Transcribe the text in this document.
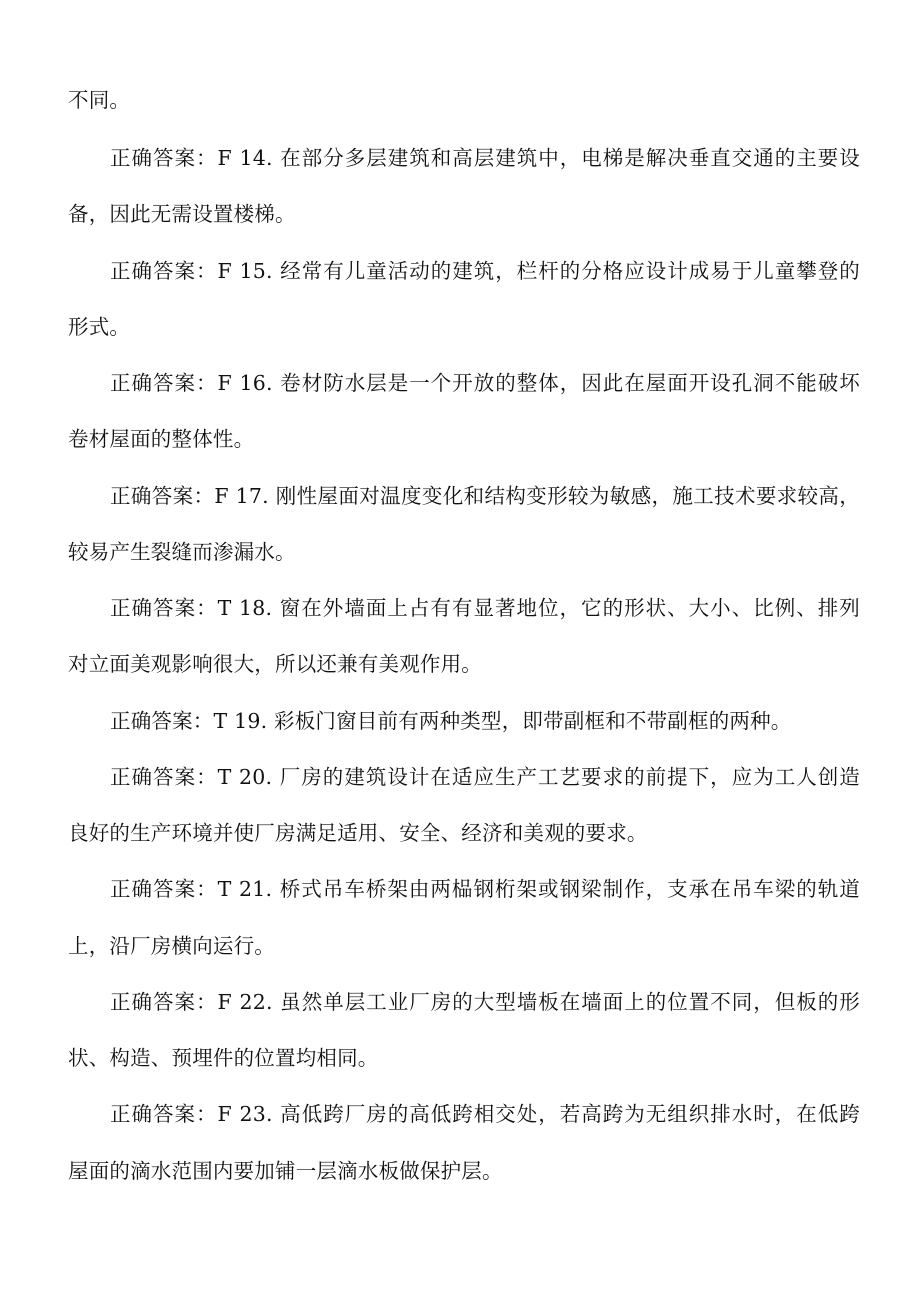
不同。
正确答案：F 14. 在部分多层建筑和高层建筑中，电梯是解决垂直交通的主要设
备，因此无需设置楼梯。
正确答案：F 15. 经常有儿童活动的建筑，栏杆的分格应设计成易于儿童攀登的
形式。
正确答案：F 16. 卷材防水层是一个开放的整体，因此在屋面开设孔洞不能破坏
卷材屋面的整体性。
正确答案：F 17. 刚性屋面对温度变化和结构变形较为敏感，施工技术要求较高，
较易产生裂缝而渗漏水。
正确答案：T 18. 窗在外墙面上占有有显著地位，它的形状、大小、比例、排列
对立面美观影响很大，所以还兼有美观作用。
正确答案：T 19. 彩板门窗目前有两种类型，即带副框和不带副框的两种。
正确答案：T 20. 厂房的建筑设计在适应生产工艺要求的前提下，应为工人创造
良好的生产环境并使厂房满足适用、安全、经济和美观的要求。
正确答案：T 21. 桥式吊车桥架由两榀钢桁架或钢梁制作，支承在吊车梁的轨道
上，沿厂房横向运行。
正确答案：F 22. 虽然单层工业厂房的大型墙板在墙面上的位置不同，但板的形
状、构造、预埋件的位置均相同。
正确答案：F 23. 高低跨厂房的高低跨相交处，若高跨为无组织排水时，在低跨
屋面的滴水范围内要加铺一层滴水板做保护层。
